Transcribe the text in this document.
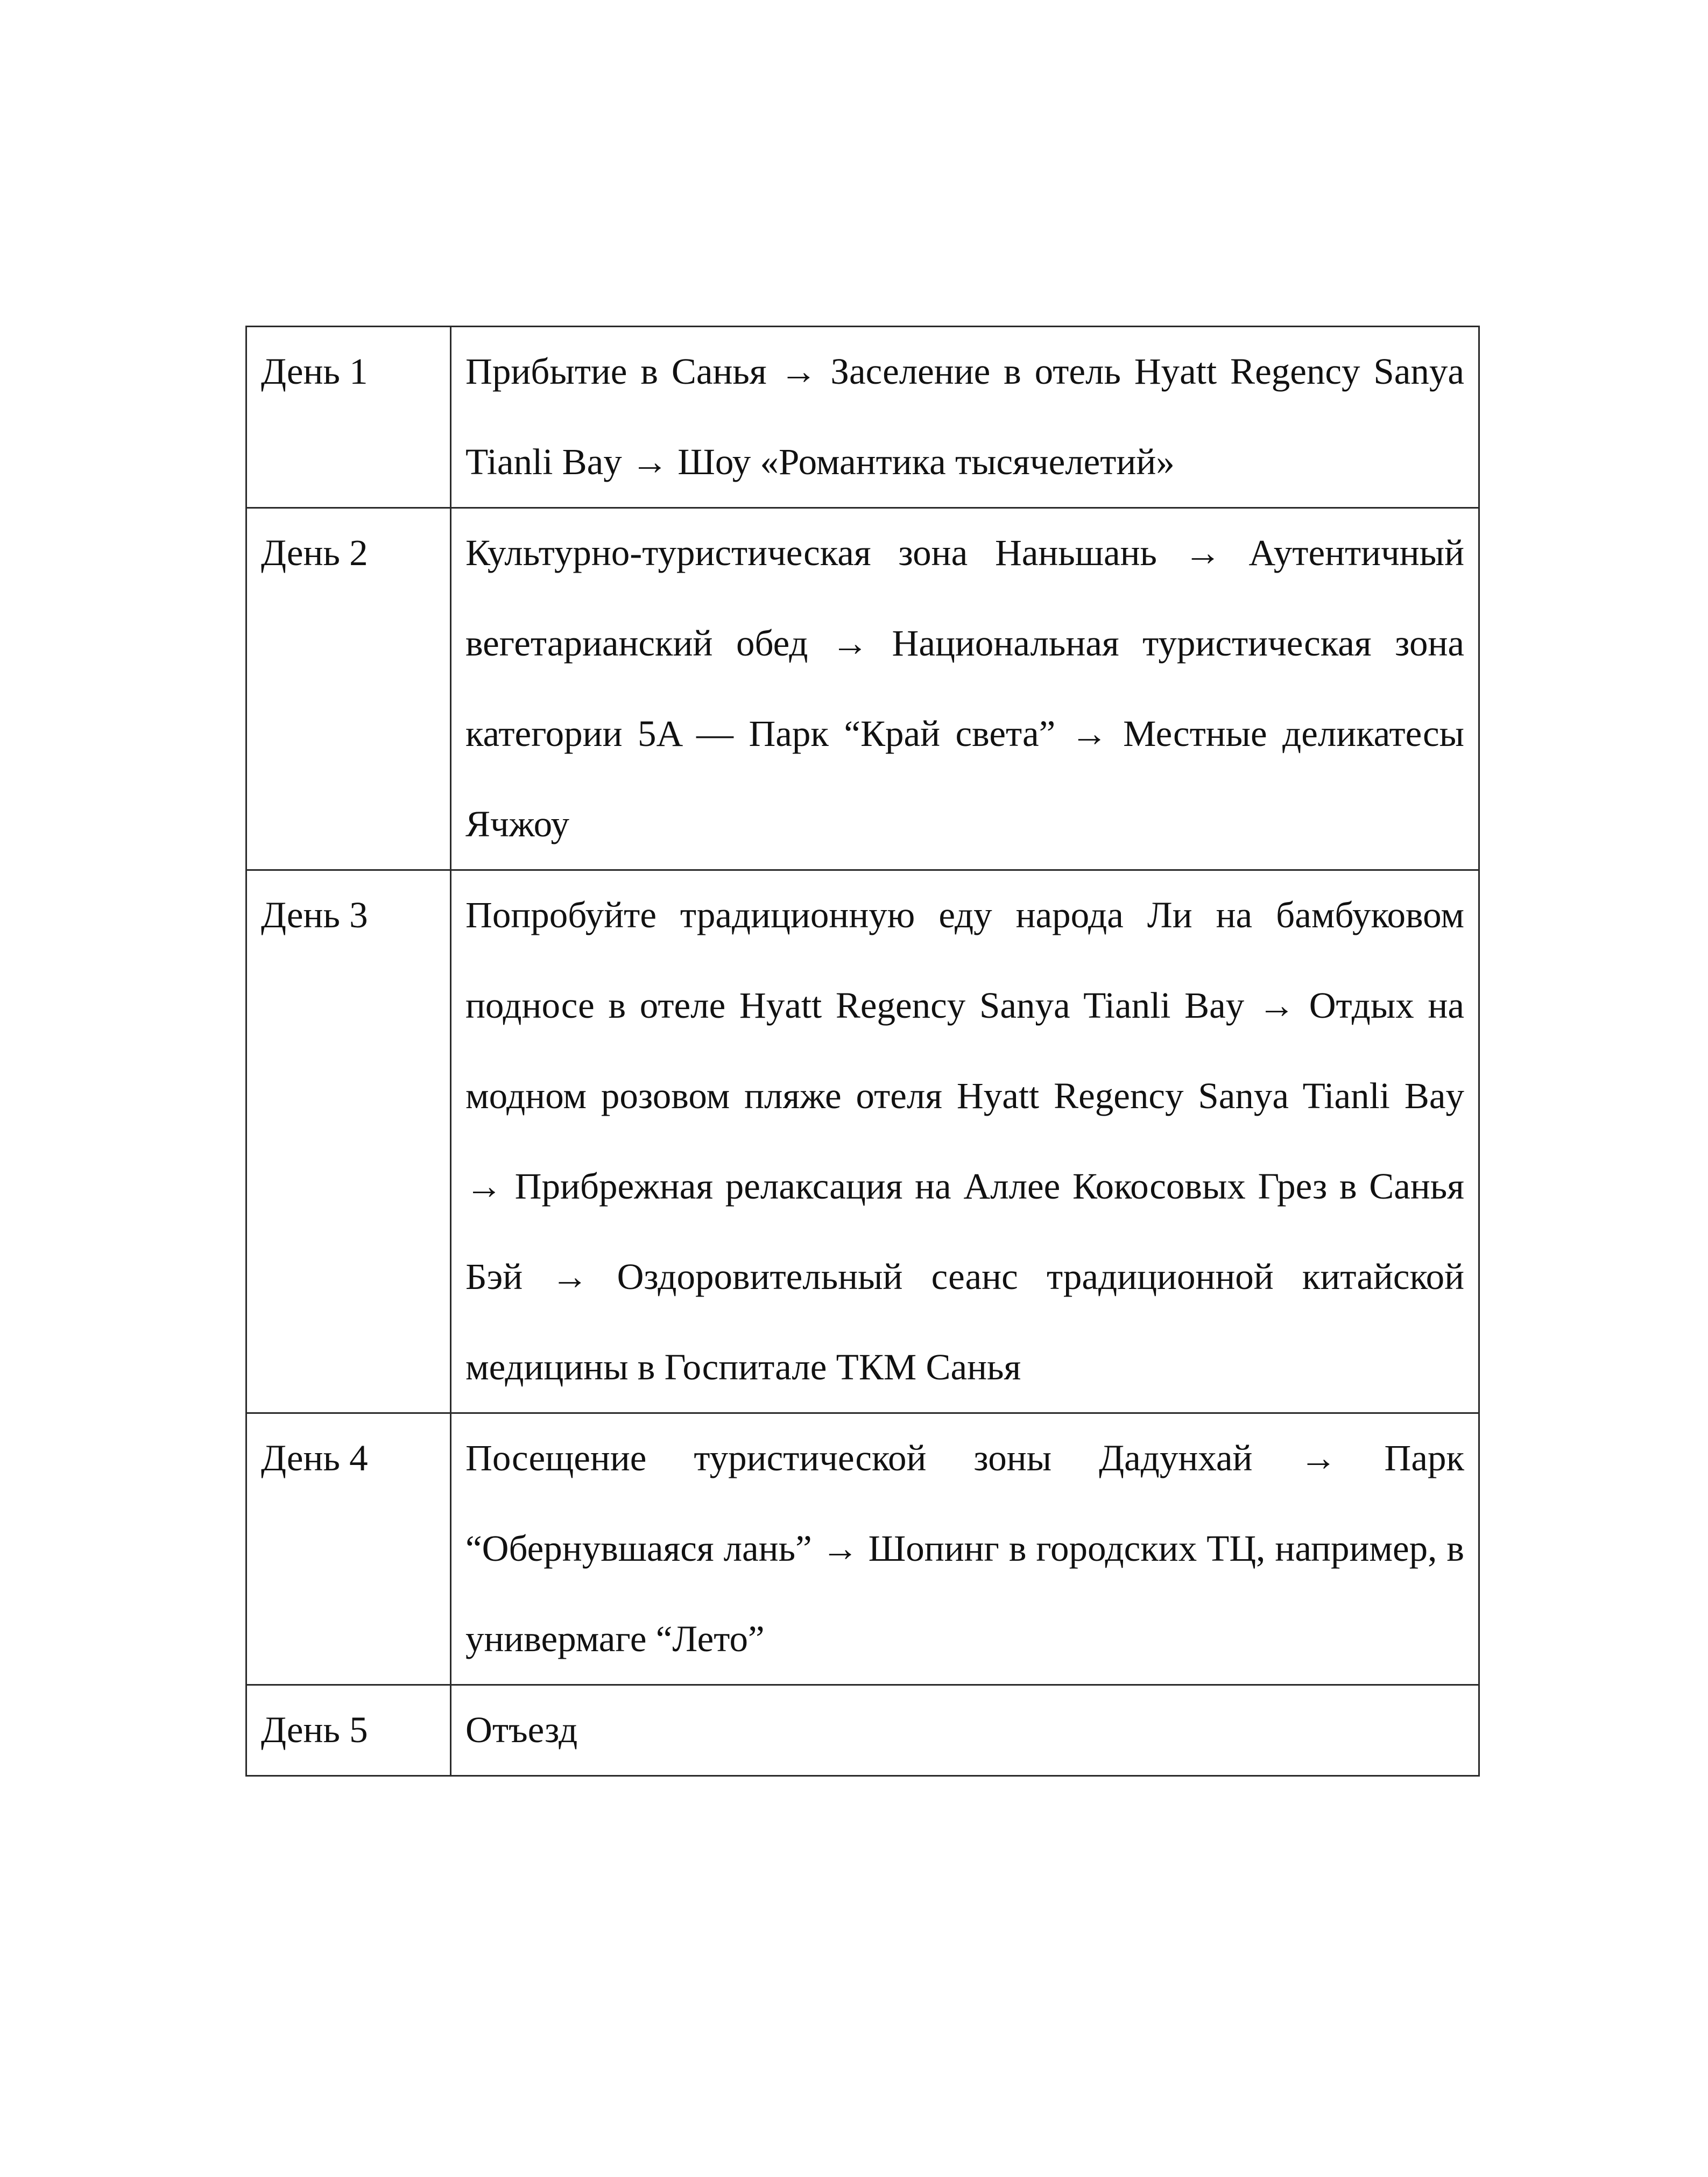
День 1	Прибытие в Санья → Заселение в отель Hyatt Regency Sanya Tianli Bay → Шоу «Романтика тысячелетий»

День 2	Культурно-туристическая зона Наньшань → Аутентичный вегетарианский обед → Национальная туристическая зона категории 5A — Парк “Край света” → Местные деликатесы Ячжоу

День 3	Попробуйте традиционную еду народа Ли на бамбуковом подносе в отеле Hyatt Regency Sanya Tianli Bay → Отдых на модном розовом пляже отеля Hyatt Regency Sanya Tianli Bay → Прибрежная релаксация на Аллее Кокосовых Грез в Санья Бэй → Оздоровительный сеанс традиционной китайской медицины в Госпитале ТКМ Санья

День 4	Посещение туристической зоны Дадунхай → Парк “Обернувшаяся лань” → Шопинг в городских ТЦ, например, в универмаге “Лето”

День 5	Отъезд
